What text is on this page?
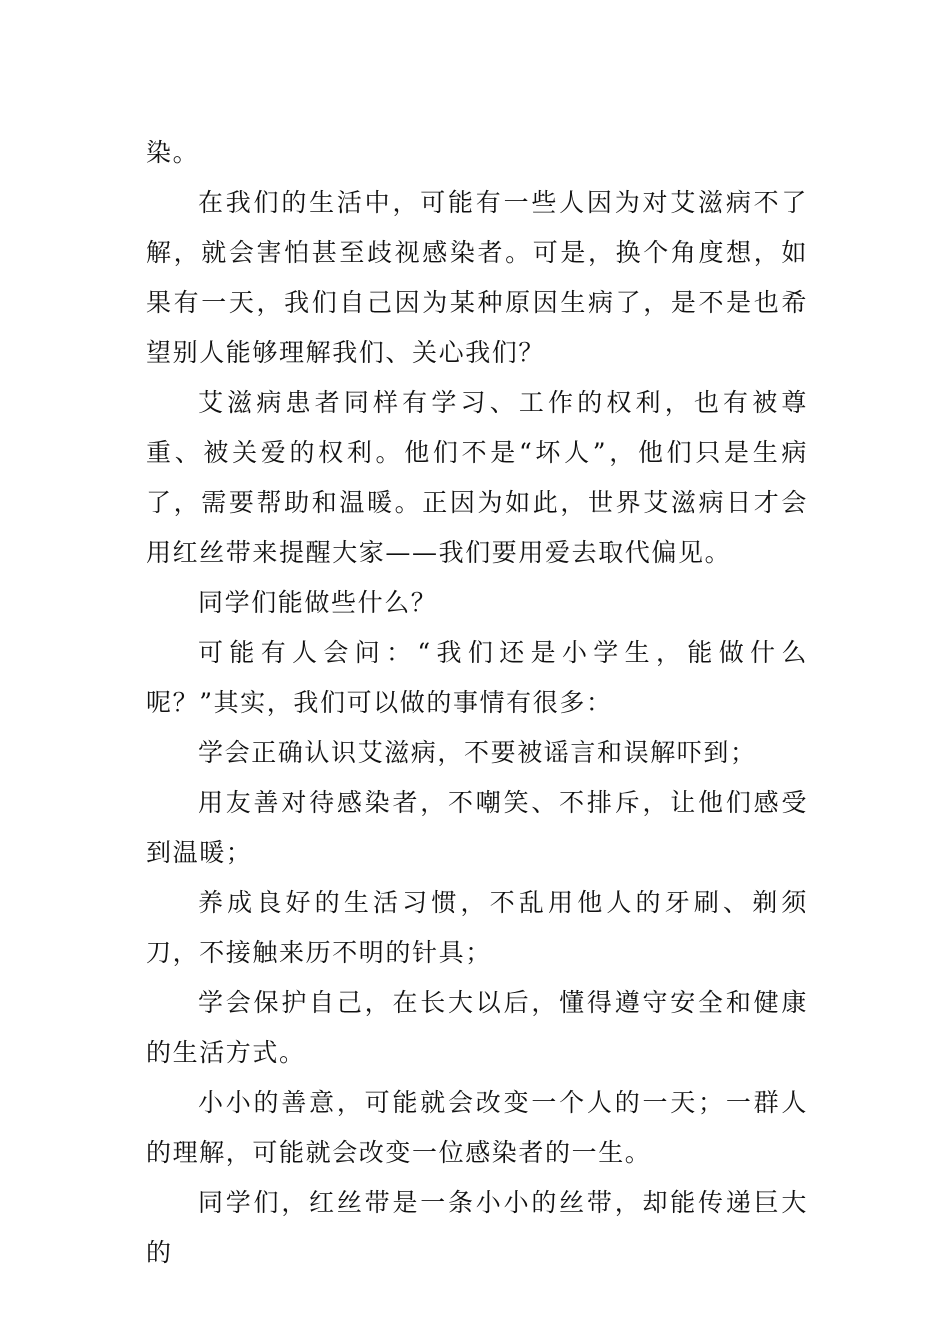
染。

在我们的生活中，可能有一些人因为对艾滋病不了解，就会害怕甚至歧视感染者。可是，换个角度想，如果有一天，我们自己因为某种原因生病了，是不是也希望别人能够理解我们、关心我们？

艾滋病患者同样有学习、工作的权利，也有被尊重、被关爱的权利。他们不是“坏人”，他们只是生病了，需要帮助和温暖。正因为如此，世界艾滋病日才会用红丝带来提醒大家——我们要用爱去取代偏见。

同学们能做些什么？

可能有人会问：“我们还是小学生，能做什么呢？”其实，我们可以做的事情有很多：

学会正确认识艾滋病，不要被谣言和误解吓到；

用友善对待感染者，不嘲笑、不排斥，让他们感受到温暖；

养成良好的生活习惯，不乱用他人的牙刷、剃须刀，不接触来历不明的针具；

学会保护自己，在长大以后，懂得遵守安全和健康的生活方式。

小小的善意，可能就会改变一个人的一天；一群人的理解，可能就会改变一位感染者的一生。

同学们，红丝带是一条小小的丝带，却能传递巨大的
